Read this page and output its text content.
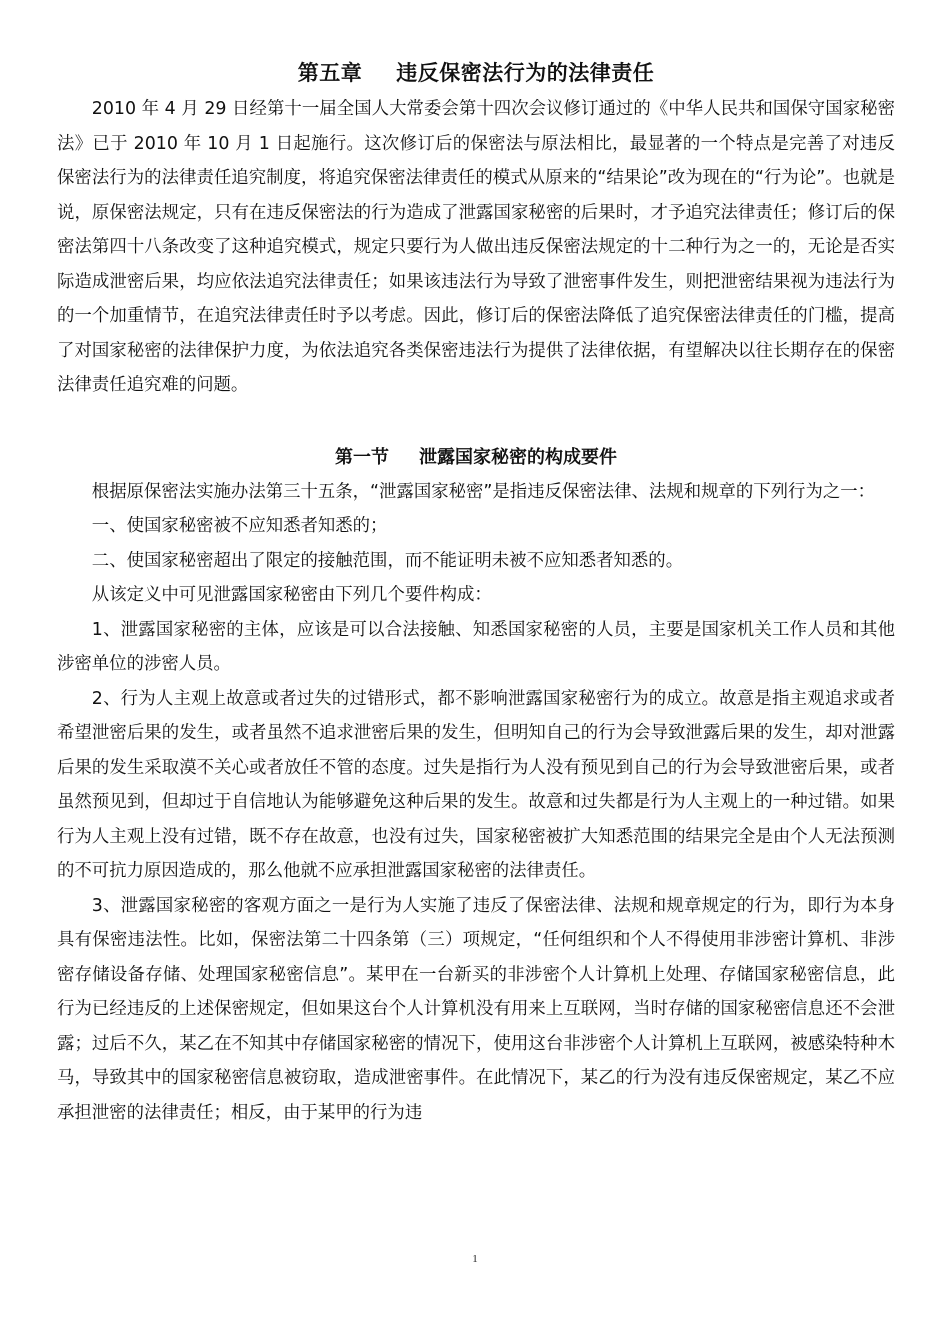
第五章 违反保密法行为的法律责任

2010 年 4 月 29 日经第十一届全国人大常委会第十四次会议修订通过的《中华人民共和国保守国家秘密法》已于 2010 年 10 月 1 日起施行。这次修订后的保密法与原法相比，最显著的一个特点是完善了对违反保密法行为的法律责任追究制度，将追究保密法律责任的模式从原来的“结果论”改为现在的“行为论”。也就是说，原保密法规定，只有在违反保密法的行为造成了泄露国家秘密的后果时，才予追究法律责任；修订后的保密法第四十八条改变了这种追究模式，规定只要行为人做出违反保密法规定的十二种行为之一的，无论是否实际造成泄密后果，均应依法追究法律责任；如果该违法行为导致了泄密事件发生，则把泄密结果视为违法行为的一个加重情节，在追究法律责任时予以考虑。因此，修订后的保密法降低了追究保密法律责任的门槛，提高了对国家秘密的法律保护力度，为依法追究各类保密违法行为提供了法律依据，有望解决以往长期存在的保密法律责任追究难的问题。

第一节 泄露国家秘密的构成要件

根据原保密法实施办法第三十五条，“泄露国家秘密”是指违反保密法律、法规和规章的下列行为之一：

一、使国家秘密被不应知悉者知悉的；

二、使国家秘密超出了限定的接触范围，而不能证明未被不应知悉者知悉的。

从该定义中可见泄露国家秘密由下列几个要件构成：

1、泄露国家秘密的主体，应该是可以合法接触、知悉国家秘密的人员，主要是国家机关工作人员和其他涉密单位的涉密人员。

2、行为人主观上故意或者过失的过错形式，都不影响泄露国家秘密行为的成立。故意是指主观追求或者希望泄密后果的发生，或者虽然不追求泄密后果的发生，但明知自己的行为会导致泄露后果的发生，却对泄露后果的发生采取漠不关心或者放任不管的态度。过失是指行为人没有预见到自己的行为会导致泄密后果，或者虽然预见到，但却过于自信地认为能够避免这种后果的发生。故意和过失都是行为人主观上的一种过错。如果行为人主观上没有过错，既不存在故意，也没有过失，国家秘密被扩大知悉范围的结果完全是由个人无法预测的不可抗力原因造成的，那么他就不应承担泄露国家秘密的法律责任。

3、泄露国家秘密的客观方面之一是行为人实施了违反了保密法律、法规和规章规定的行为，即行为本身具有保密违法性。比如，保密法第二十四条第（三）项规定，“任何组织和个人不得使用非涉密计算机、非涉密存储设备存储、处理国家秘密信息”。某甲在一台新买的非涉密个人计算机上处理、存储国家秘密信息，此行为已经违反的上述保密规定，但如果这台个人计算机没有用来上互联网，当时存储的国家秘密信息还不会泄露；过后不久，某乙在不知其中存储国家秘密的情况下，使用这台非涉密个人计算机上互联网，被感染特种木马，导致其中的国家秘密信息被窃取，造成泄密事件。在此情况下，某乙的行为没有违反保密规定，某乙不应承担泄密的法律责任；相反，由于某甲的行为违

1
